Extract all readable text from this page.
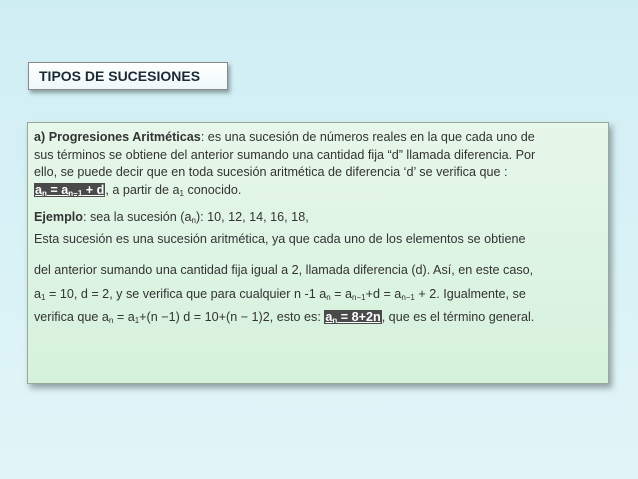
TIPOS DE SUCESIONES
a) Progresiones Aritméticas: es una sucesión de números reales en la que cada uno de
sus términos se obtiene del anterior sumando una cantidad fija “d” llamada diferencia. Por
ello, se puede decir que en toda sucesión aritmética de diferencia ‘d’ se verifica que :
$a_n = a_{n-1} + d$, a partir de $a_1$ conocido.
Ejemplo: sea la sucesión $(a_n)$: 10, 12, 14, 16, 18,
Esta sucesión es una sucesión aritmética, ya que cada uno de los elementos se obtiene
del anterior sumando una cantidad fija igual a 2, llamada diferencia (d). Así, en este caso,
$a_1 = 10$, d = 2, y se verifica que para cualquier n -1 $a_n = a_{n-1}+d = a_{n-1} + 2$. Igualmente, se
verifica que $a_n = a_1+(n -1) d = 10+(n - 1)2$, esto es: $a_n = 8+2n$, que es el término general.
